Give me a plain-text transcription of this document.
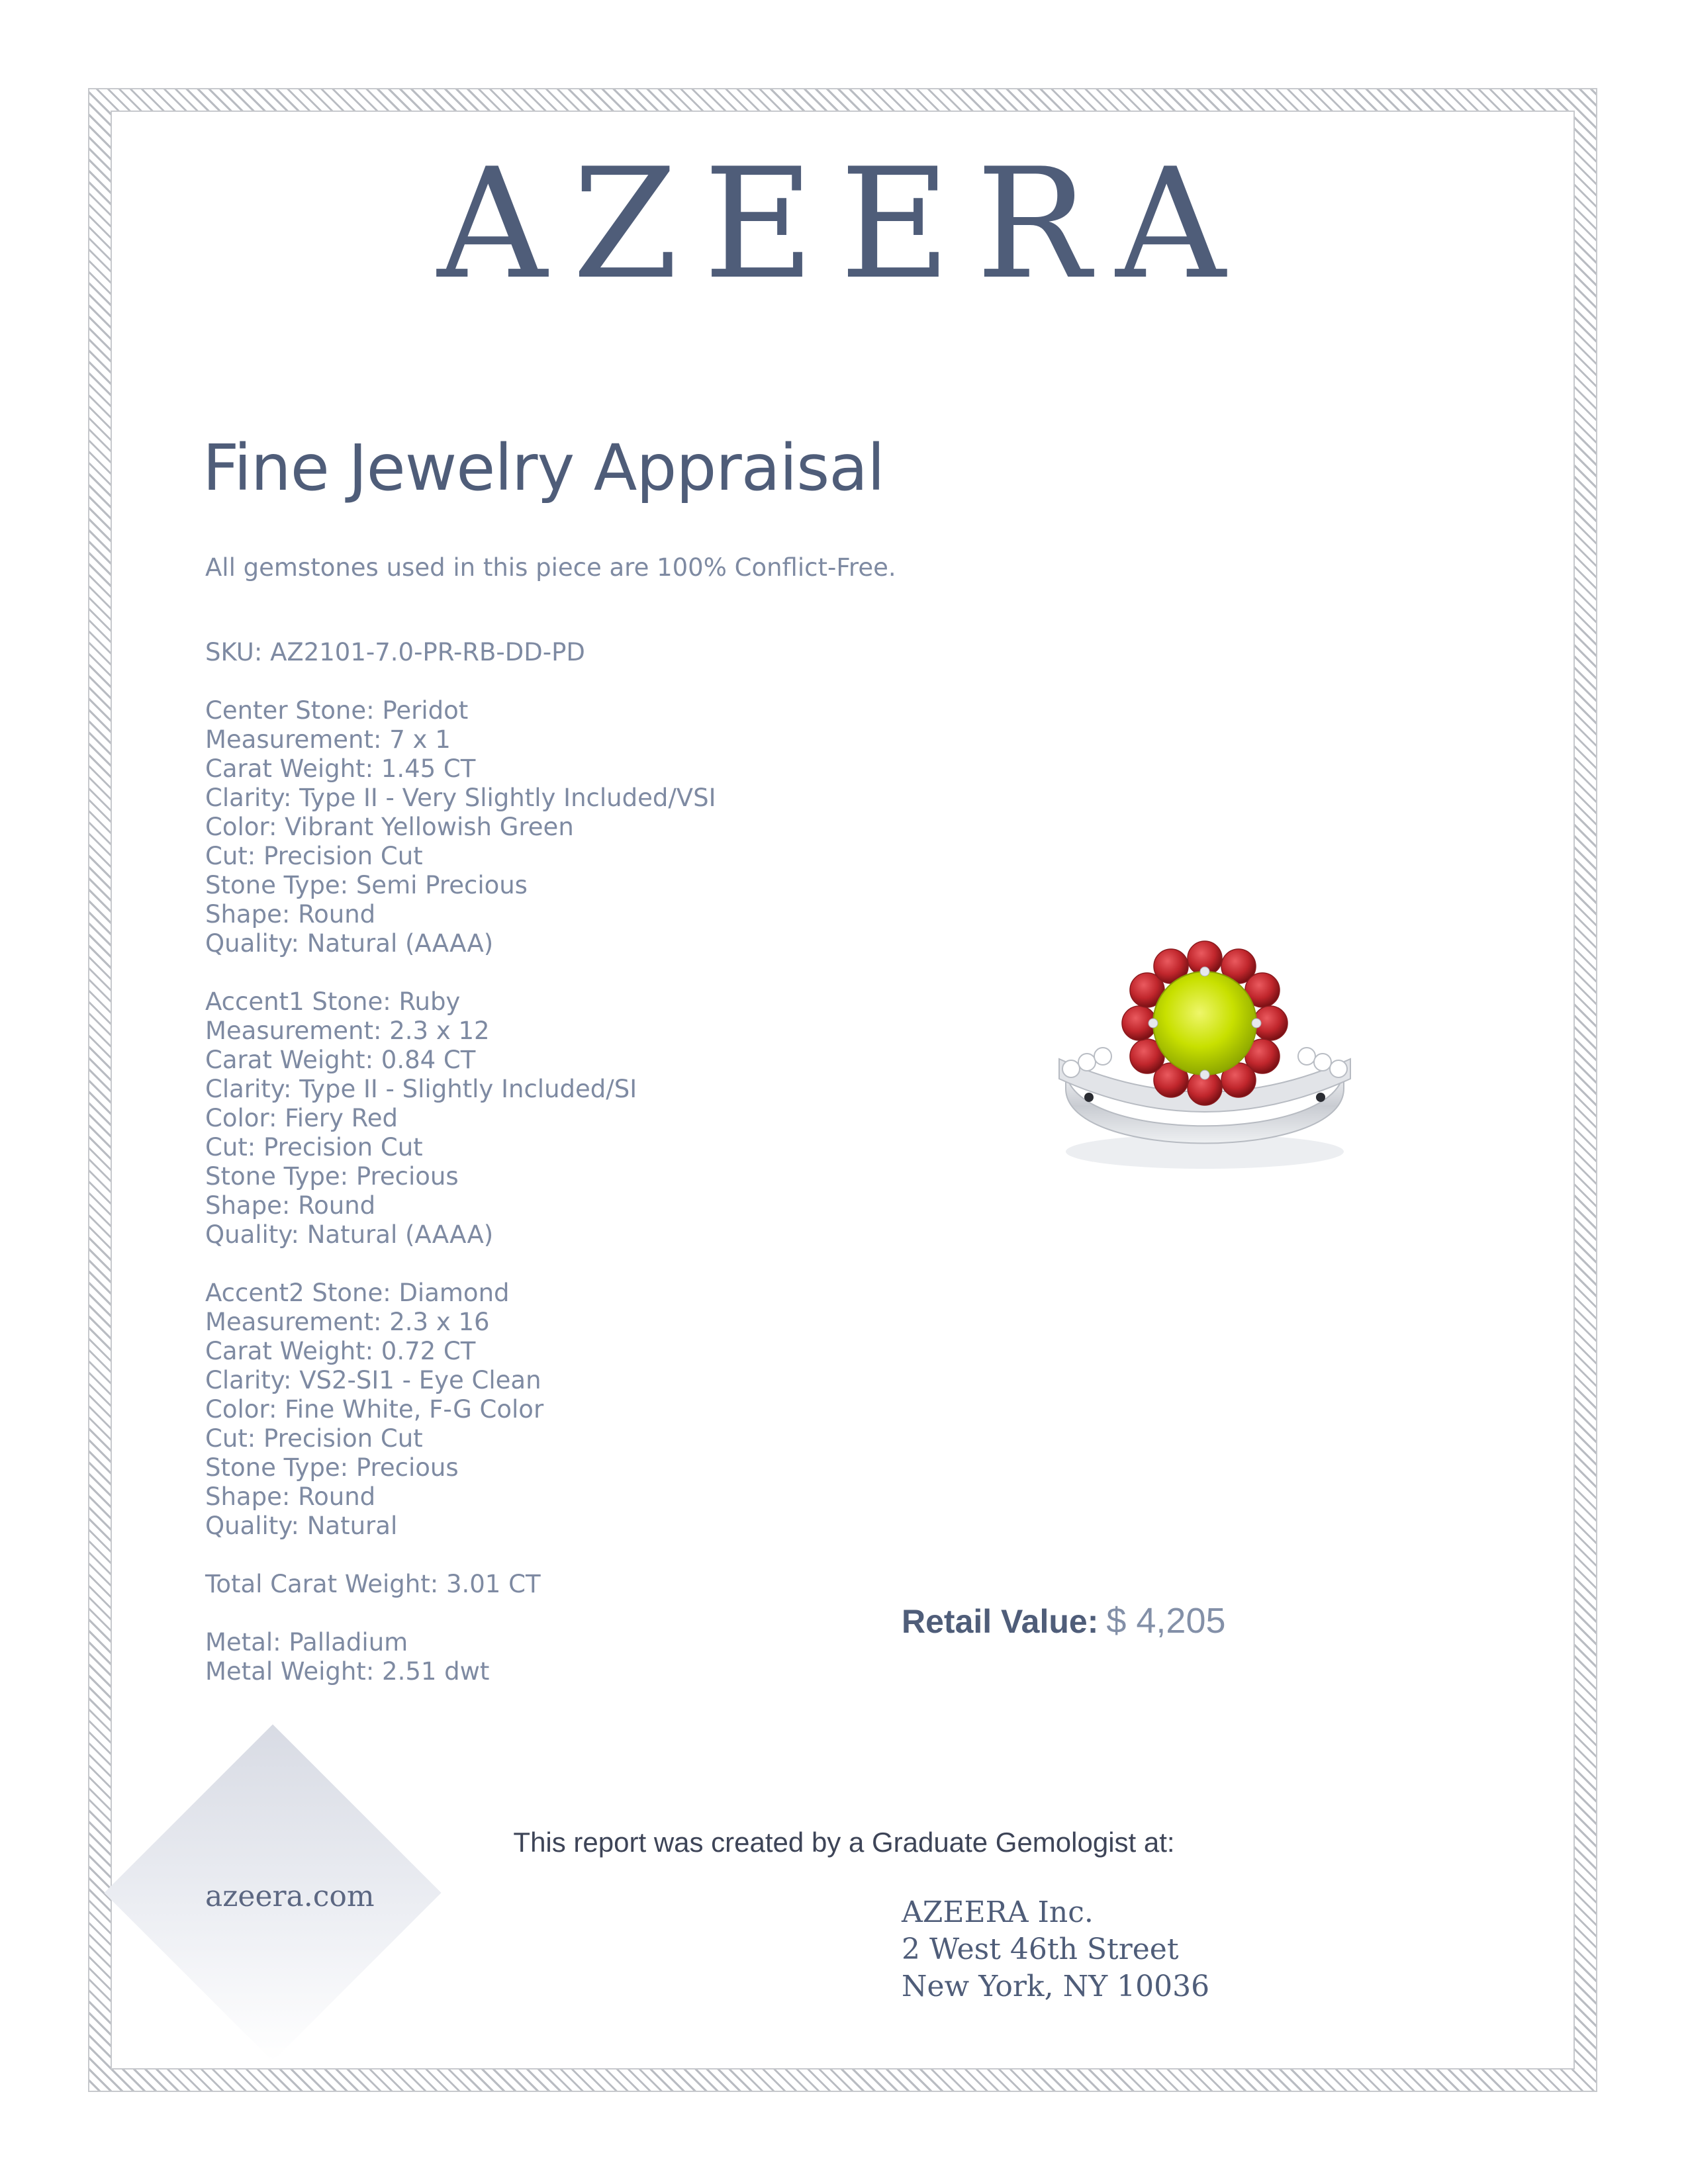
AZEERA
Fine Jewelry Appraisal
All gemstones used in this piece are 100% Conflict-Free.
SKU: AZ2101-7.0-PR-RB-DD-PD
Center Stone: Peridot
Measurement: 7 x 1
Carat Weight: 1.45 CT
Clarity: Type II - Very Slightly Included/VSI
Color: Vibrant Yellowish Green
Cut: Precision Cut
Stone Type: Semi Precious
Shape: Round
Quality: Natural (AAAA)
Accent1 Stone: Ruby
Measurement: 2.3 x 12
Carat Weight: 0.84 CT
Clarity: Type II - Slightly Included/SI
Color: Fiery Red
Cut: Precision Cut
Stone Type: Precious
Shape: Round
Quality: Natural (AAAA)
Accent2 Stone: Diamond
Measurement: 2.3 x 16
Carat Weight: 0.72 CT
Clarity: VS2-SI1 - Eye Clean
Color: Fine White, F-G Color
Cut: Precision Cut
Stone Type: Precious
Shape: Round
Quality: Natural
Total Carat Weight: 3.01 CT
Metal: Palladium
Metal Weight: 2.51 dwt
Retail Value: $ 4,205
azeera.com
This report was created by a Graduate Gemologist at:
AZEERA Inc.
2 West 46th Street
New York, NY 10036
